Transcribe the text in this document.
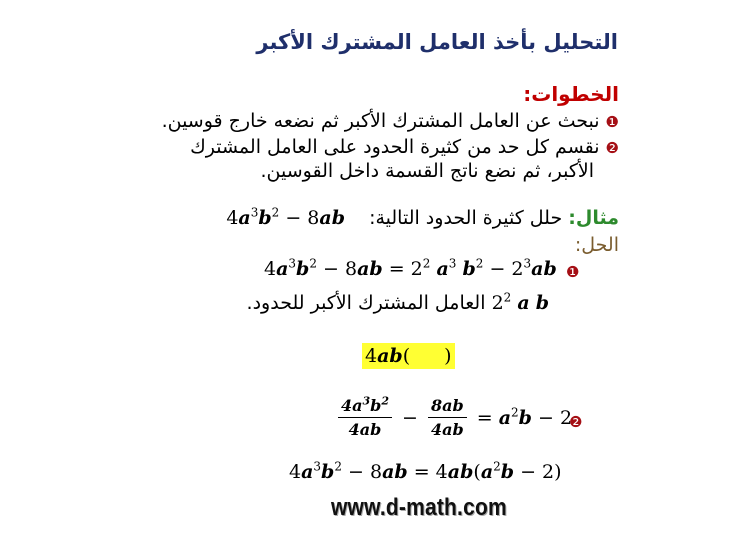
التحليل بأخذ العامل المشترك الأكبر
الخطوات:
❶نبحث عن العامل المشترك الأكبر ثم نضعه خارج قوسين.
❷نقسم كل حد من كثيرة الحدود على العامل المشترك
الأكبر، ثم نضع ناتج القسمة داخل القوسين.
مثال: حلل كثيرة الحدود التالية: $4a^3b^2 - 8ab$
الحل:
$4a^3b^2 - 8ab = 2^2$ $a^3$ $b^2 - 2^3ab$ ❶
$2^2$ a b العامل المشترك الأكبر للحدود.
4ab( )
$\frac{4a^3b^2}{4ab} - \frac{8ab}{4ab} = a^2b - 2$
❷
$4a^3b^2 - 8ab = 4ab(a^2b - 2)$
www.d-math.com
